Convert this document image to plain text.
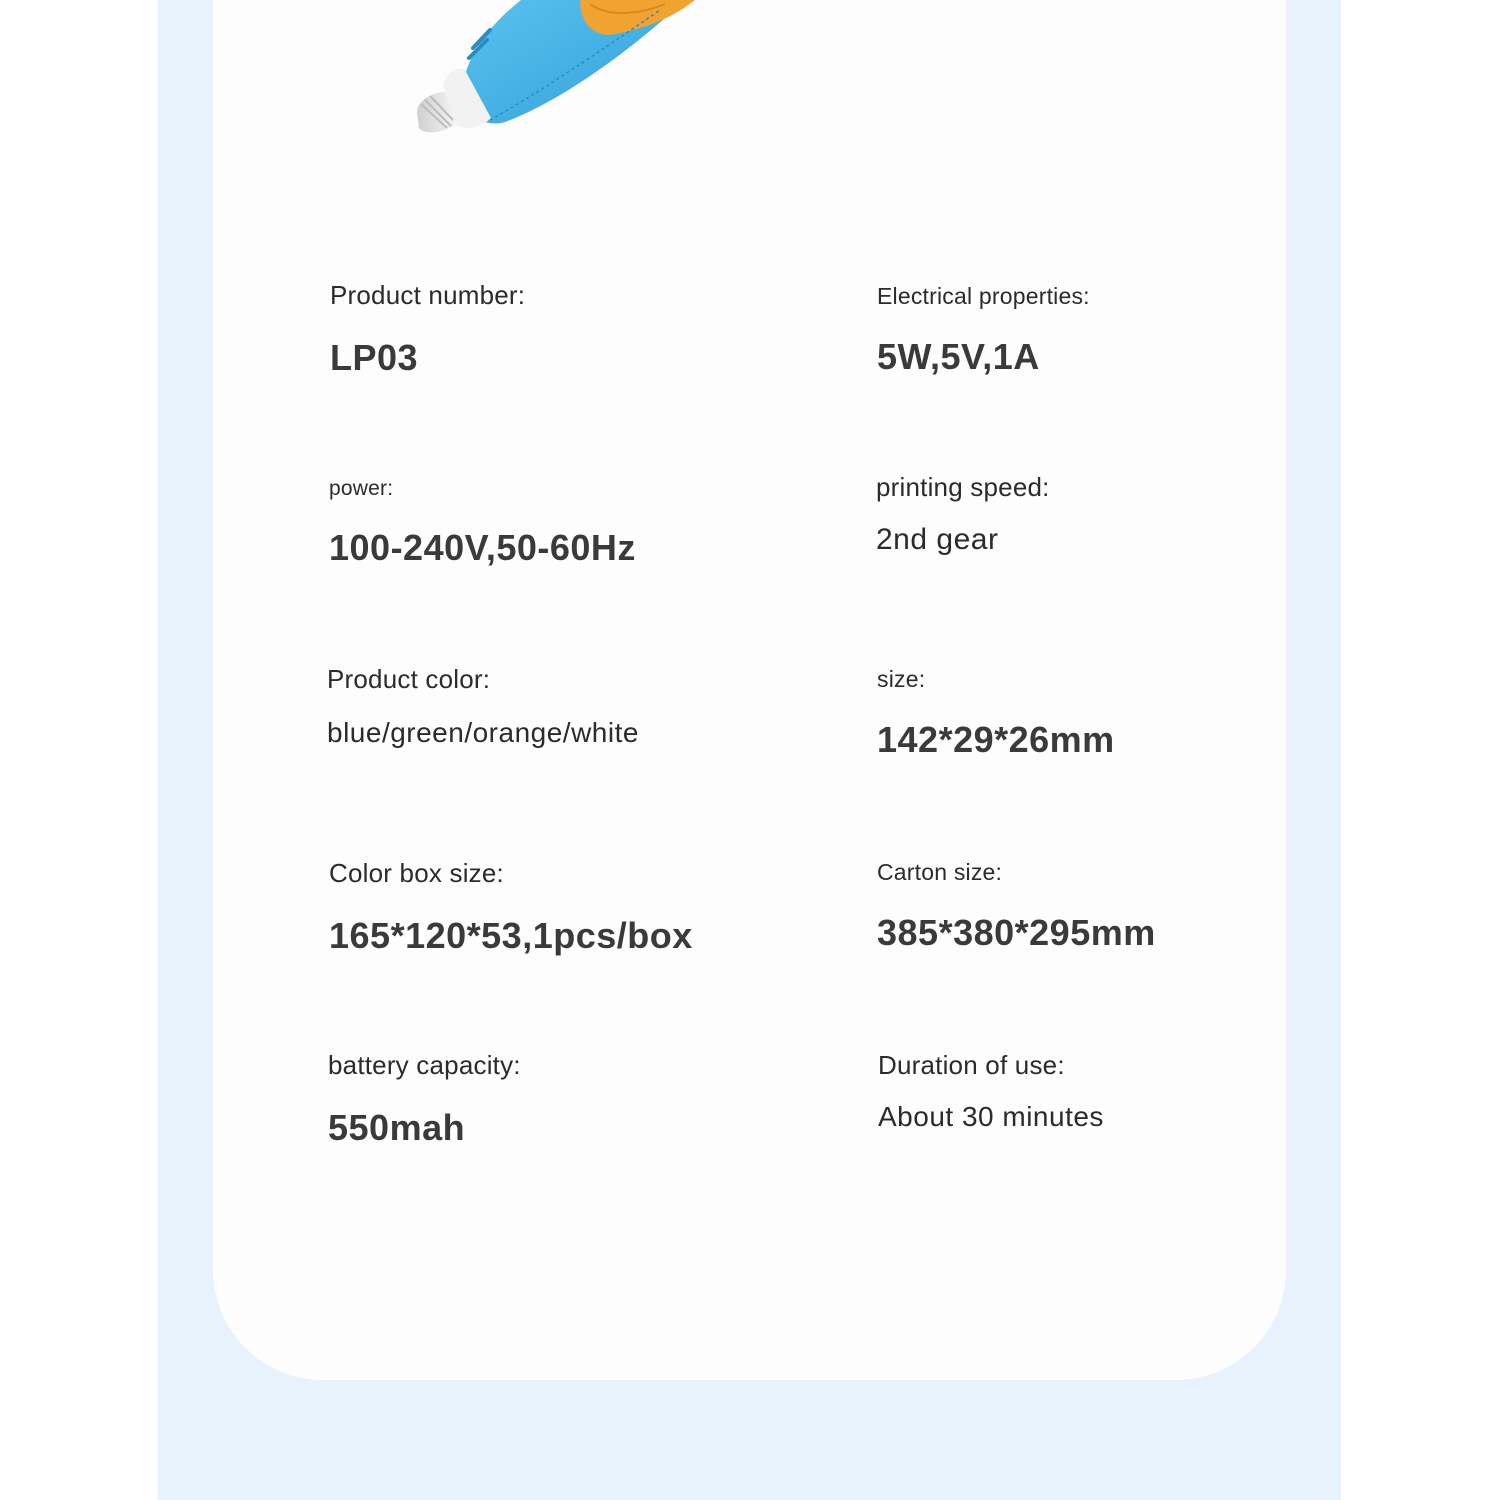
Product number:
LP03
Electrical properties:
5W,5V,1A
power:
100-240V,50-60Hz
printing speed:
2nd gear
Product color:
blue/green/orange/white
size:
142*29*26mm
Color box size:
165*120*53,1pcs/box
Carton size:
385*380*295mm
battery capacity:
550mah
Duration of use:
About 30 minutes
